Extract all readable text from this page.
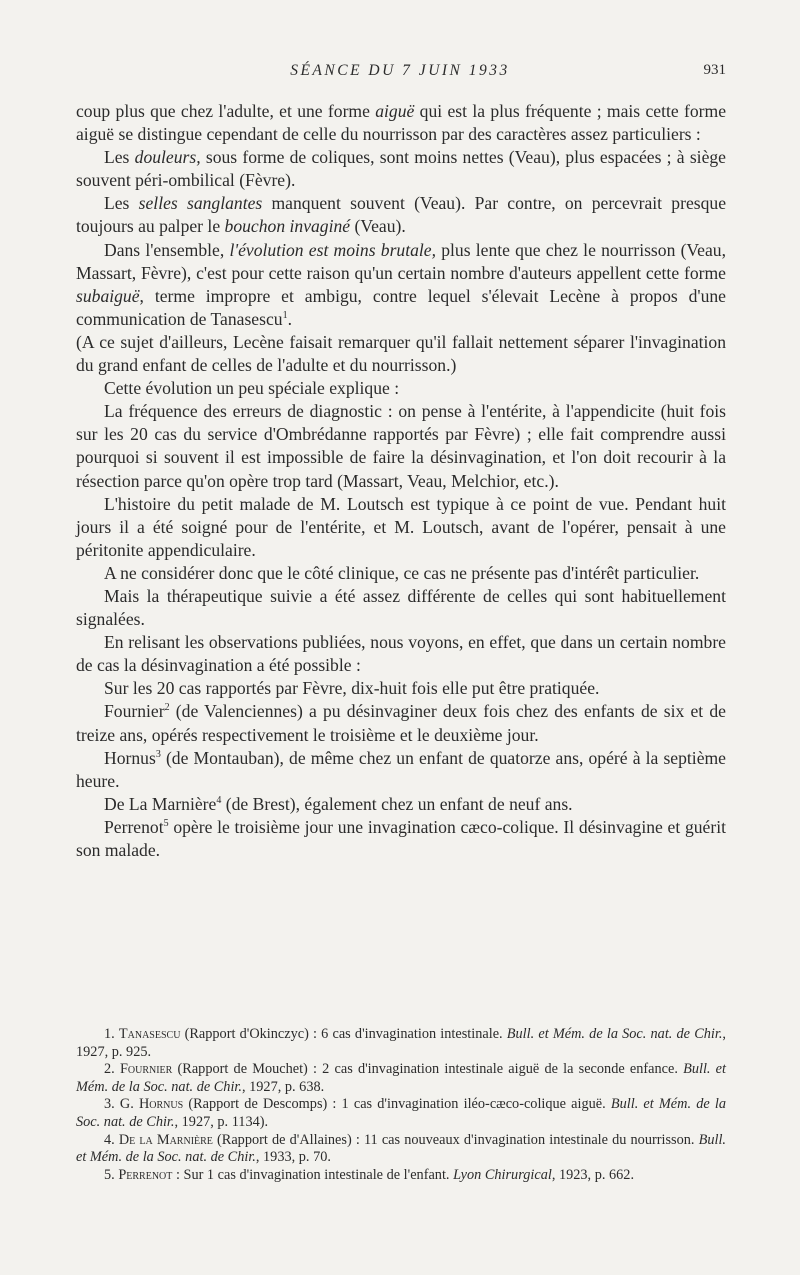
SÉANCE DU 7 JUIN 1933	931

coup plus que chez l'adulte, et une forme aiguë qui est la plus fréquente ; mais cette forme aiguë se distingue cependant de celle du nourrisson par des caractères assez particuliers :

Les douleurs, sous forme de coliques, sont moins nettes (Veau), plus espacées ; à siège souvent péri-ombilical (Fèvre).

Les selles sanglantes manquent souvent (Veau). Par contre, on percevrait presque toujours au palper le bouchon invaginé (Veau).

Dans l'ensemble, l'évolution est moins brutale, plus lente que chez le nourrisson (Veau, Massart, Fèvre), c'est pour cette raison qu'un certain nombre d'auteurs appellent cette forme subaiguë, terme impropre et ambigu, contre lequel s'élevait Lecène à propos d'une communication de Tanasescu$^1$.

(A ce sujet d'ailleurs, Lecène faisait remarquer qu'il fallait nettement séparer l'invagination du grand enfant de celles de l'adulte et du nourrisson.)

Cette évolution un peu spéciale explique :

La fréquence des erreurs de diagnostic : on pense à l'entérite, à l'appendicite (huit fois sur les 20 cas du service d'Ombrédanne rapportés par Fèvre) ; elle fait comprendre aussi pourquoi si souvent il est impossible de faire la désinvagination, et l'on doit recourir à la résection parce qu'on opère trop tard (Massart, Veau, Melchior, etc.).

L'histoire du petit malade de M. Loutsch est typique à ce point de vue. Pendant huit jours il a été soigné pour de l'entérite, et M. Loutsch, avant de l'opérer, pensait à une péritonite appendiculaire.

A ne considérer donc que le côté clinique, ce cas ne présente pas d'intérêt particulier.

Mais la thérapeutique suivie a été assez différente de celles qui sont habituellement signalées.

En relisant les observations publiées, nous voyons, en effet, que dans un certain nombre de cas la désinvagination a été possible :

Sur les 20 cas rapportés par Fèvre, dix-huit fois elle put être pratiquée.

Fournier$^2$ (de Valenciennes) a pu désinvaginer deux fois chez des enfants de six et de treize ans, opérés respectivement le troisième et le deuxième jour.

Hornus$^3$ (de Montauban), de même chez un enfant de quatorze ans, opéré à la septième heure.

De La Marnière$^4$ (de Brest), également chez un enfant de neuf ans.

Perrenot$^5$ opère le troisième jour une invagination cæco-colique. Il désinvagine et guérit son malade.

1. Tanasescu (Rapport d'Okinczyc) : 6 cas d'invagination intestinale. Bull. et Mém. de la Soc. nat. de Chir., 1927, p. 925.

2. Fournier (Rapport de Mouchet) : 2 cas d'invagination intestinale aiguë de la seconde enfance. Bull. et Mém. de la Soc. nat. de Chir., 1927, p. 638.

3. G. Hornus (Rapport de Descomps) : 1 cas d'invagination iléo-cæco-colique aiguë. Bull. et Mém. de la Soc. nat. de Chir., 1927, p. 1134).

4. De la Marnière (Rapport de d'Allaines) : 11 cas nouveaux d'invagination intestinale du nourrisson. Bull. et Mém. de la Soc. nat. de Chir., 1933, p. 70.

5. Perrenot : Sur 1 cas d'invagination intestinale de l'enfant. Lyon Chirurgical, 1923, p. 662.
